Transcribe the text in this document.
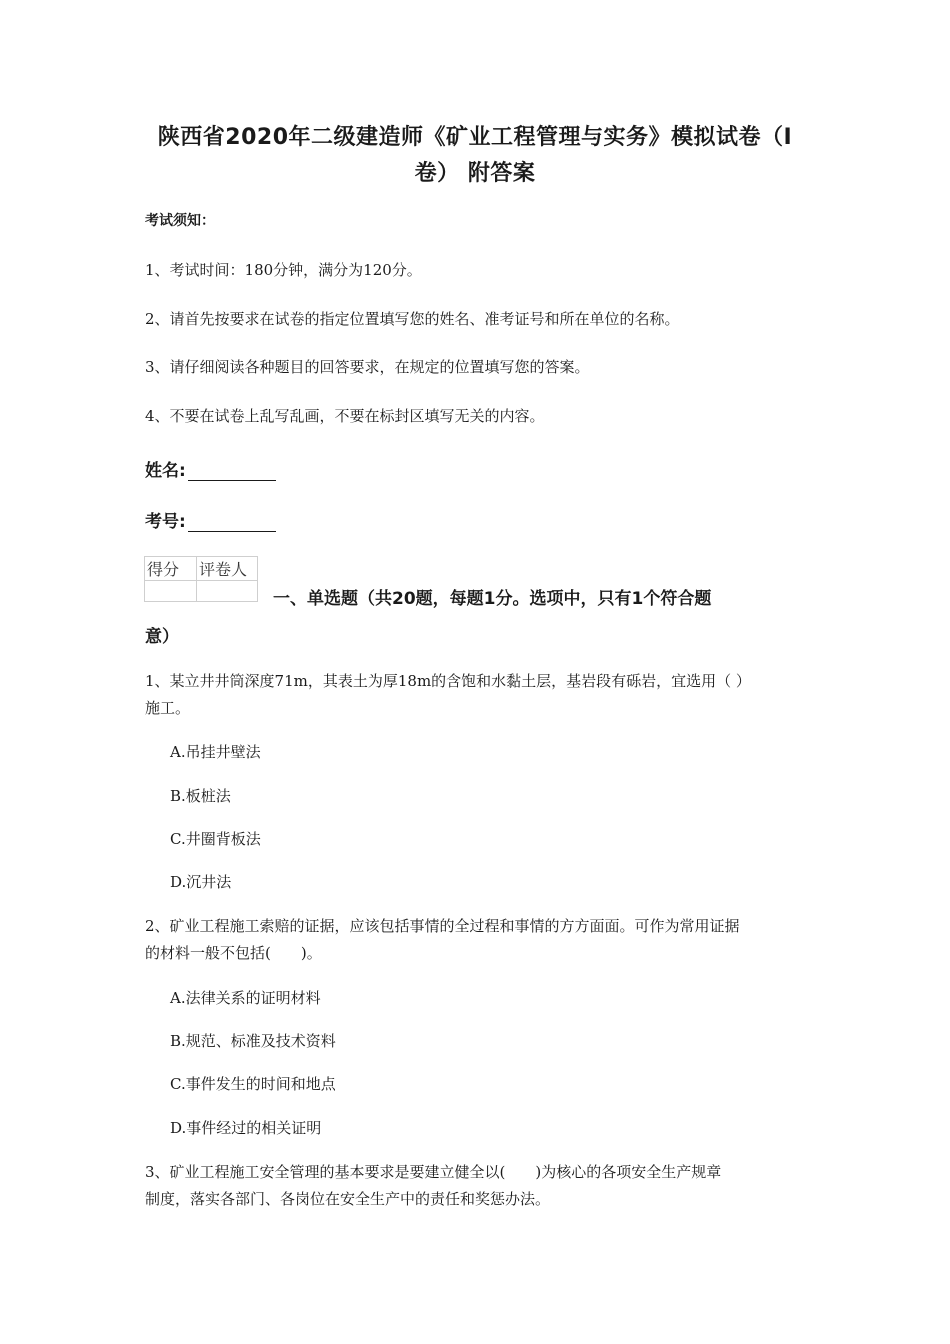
陕西省2020年二级建造师《矿业工程管理与实务》模拟试卷（I
卷） 附答案
考试须知：
1、考试时间：180分钟，满分为120分。
2、请首先按要求在试卷的指定位置填写您的姓名、准考证号和所在单位的名称。
3、请仔细阅读各种题目的回答要求，在规定的位置填写您的答案。
4、不要在试卷上乱写乱画，不要在标封区填写无关的内容。
姓名:
考号:
得分	评卷人

一、单选题（共20题，每题1分。选项中，只有1个符合题
意）
1、某立井井筒深度71m，其表土为厚18m的含饱和水黏土层，基岩段有砾岩，宜选用（ ）
施工。
A.吊挂井壁法
B.板桩法
C.井圈背板法
D.沉井法
2、矿业工程施工索赔的证据，应该包括事情的全过程和事情的方方面面。可作为常用证据
的材料一般不包括(　　)。
A.法律关系的证明材料
B.规范、标准及技术资料
C.事件发生的时间和地点
D.事件经过的相关证明
3、矿业工程施工安全管理的基本要求是要建立健全以(　　)为核心的各项安全生产规章
制度，落实各部门、各岗位在安全生产中的责任和奖惩办法。
